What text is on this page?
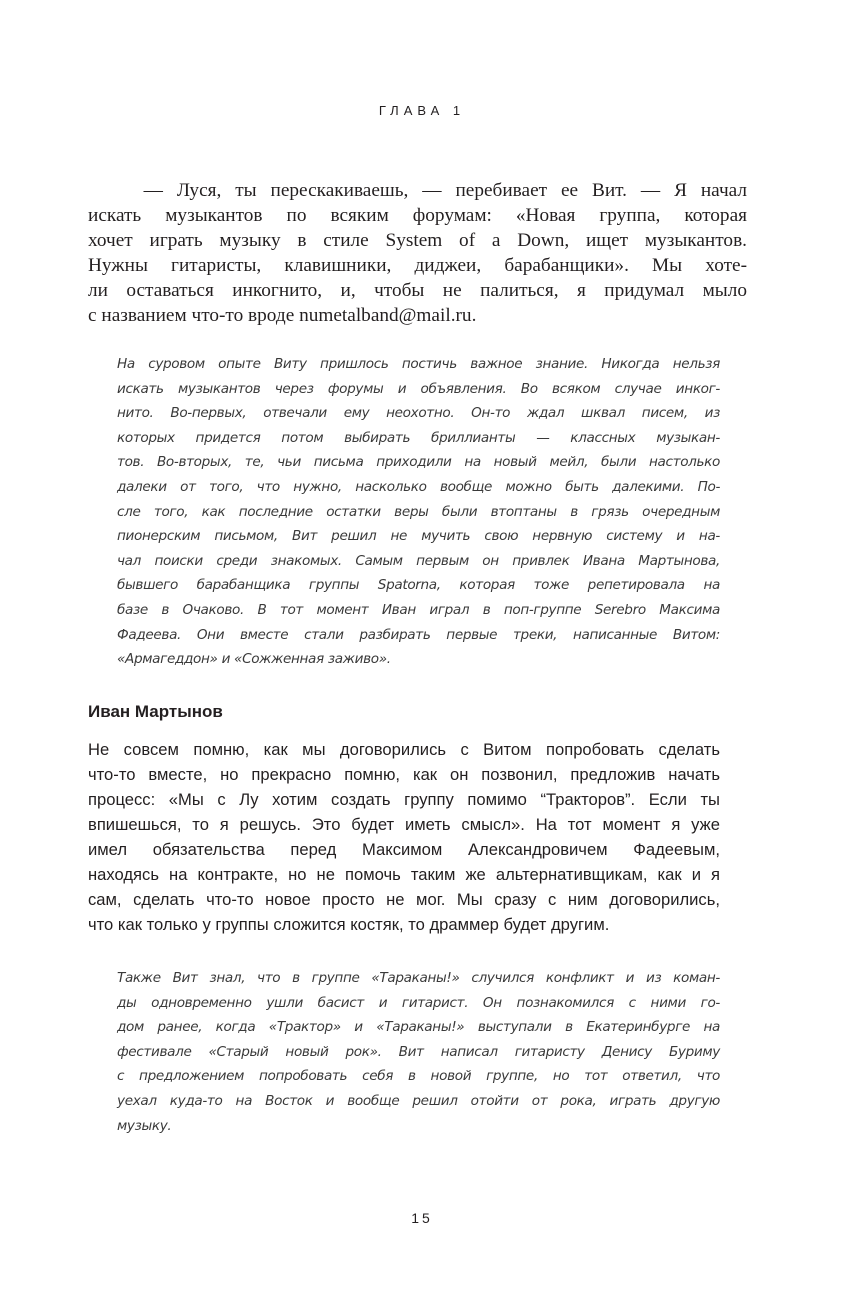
ГЛАВА 1
— Луся, ты перескакиваешь, — перебивает ее Вит. — Я начал
искать музыкантов по всяким форумам: «Новая группа, которая
хочет играть музыку в стиле System of a Down, ищет музыкантов.
Нужны гитаристы, клавишники, диджеи, барабанщики». Мы хоте-
ли оставаться инкогнито, и, чтобы не палиться, я придумал мыло
с названием что-то вроде numetalband@mail.ru.
На суровом опыте Виту пришлось постичь важное знание. Никогда нельзя
искать музыкантов через форумы и объявления. Во всяком случае инког-
нито. Во-первых, отвечали ему неохотно. Он-то ждал шквал писем, из
которых придется потом выбирать бриллианты — классных музыкан-
тов. Во-вторых, те, чьи письма приходили на новый мейл, были настолько
далеки от того, что нужно, насколько вообще можно быть далекими. По-
сле того, как последние остатки веры были втоптаны в грязь очередным
пионерским письмом, Вит решил не мучить свою нервную систему и на-
чал поиски среди знакомых. Самым первым он привлек Ивана Мартынова,
бывшего барабанщика группы Spatorna, которая тоже репетировала на
базе в Очаково. В тот момент Иван играл в поп-группе Serebro Максима
Фадеева. Они вместе стали разбирать первые треки, написанные Витом:
«Армагеддон» и «Сожженная заживо».
Иван Мартынов
Не совсем помню, как мы договорились с Витом попробовать сделать
что-то вместе, но прекрасно помню, как он позвонил, предложив начать
процесс: «Мы с Лу хотим создать группу помимо “Тракторов”. Если ты
впишешься, то я решусь. Это будет иметь смысл». На тот момент я уже
имел обязательства перед Максимом Александровичем Фадеевым,
находясь на контракте, но не помочь таким же альтернативщикам, как и я
сам, сделать что-то новое просто не мог. Мы сразу с ним договорились,
что как только у группы сложится костяк, то драммер будет другим.
Также Вит знал, что в группе «Тараканы!» случился конфликт и из коман-
ды одновременно ушли басист и гитарист. Он познакомился с ними го-
дом ранее, когда «Трактор» и «Тараканы!» выступали в Екатеринбурге на
фестивале «Старый новый рок». Вит написал гитаристу Денису Буриму
с предложением попробовать себя в новой группе, но тот ответил, что
уехал куда-то на Восток и вообще решил отойти от рока, играть другую
музыку.
15
